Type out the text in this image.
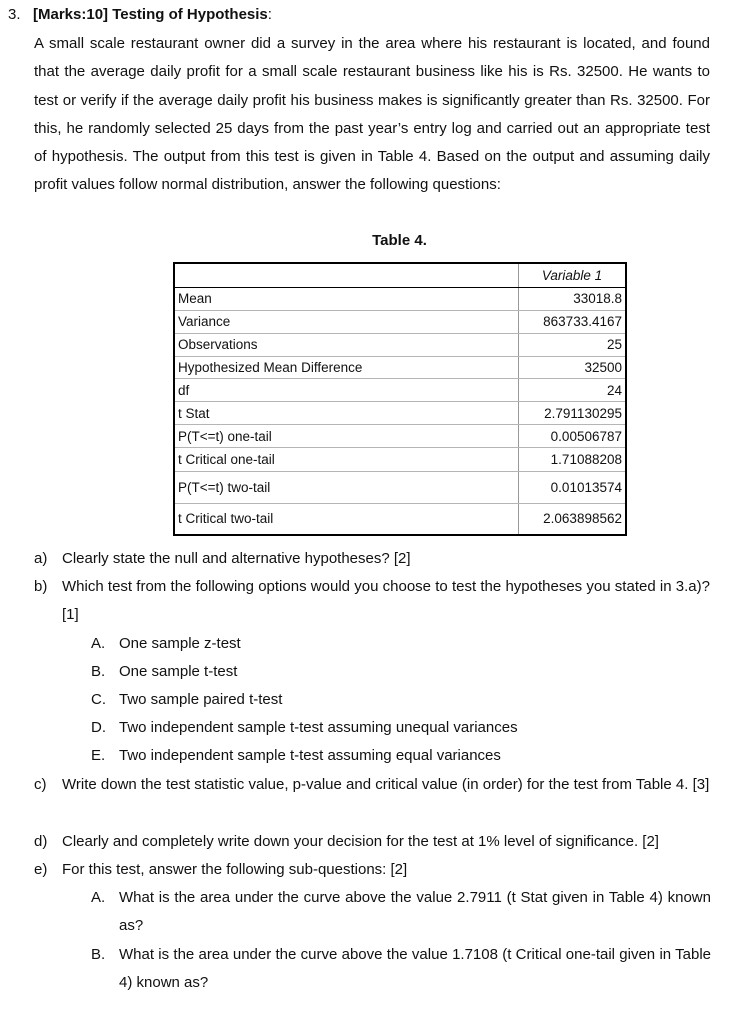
3. [Marks:10] Testing of Hypothesis:
A small scale restaurant owner did a survey in the area where his restaurant is located, and found that the average daily profit for a small scale restaurant business like his is Rs. 32500. He wants to test or verify if the average daily profit his business makes is significantly greater than Rs. 32500. For this, he randomly selected 25 days from the past year’s entry log and carried out an appropriate test of hypothesis. The output from this test is given in Table 4. Based on the output and assuming daily profit values follow normal distribution, answer the following questions:
Table 4.
	Variable 1
Mean	33018.8
Variance	863733.4167
Observations	25
Hypothesized Mean Difference	32500
df	24
t Stat	2.791130295
P(T<=t) one-tail	0.00506787
t Critical one-tail	1.71088208
P(T<=t) two-tail	0.01013574
t Critical two-tail	2.063898562
a) Clearly state the null and alternative hypotheses? [2]
b) Which test from the following options would you choose to test the hypotheses you stated in 3.a)? [1]
A. One sample z-test
B. One sample t-test
C. Two sample paired t-test
D. Two independent sample t-test assuming unequal variances
E. Two independent sample t-test assuming equal variances
c) Write down the test statistic value, p-value and critical value (in order) for the test from Table 4. [3]
d) Clearly and completely write down your decision for the test at 1% level of significance. [2]
e) For this test, answer the following sub-questions: [2]
A. What is the area under the curve above the value 2.7911 (t Stat given in Table 4) known as?
B. What is the area under the curve above the value 1.7108 (t Critical one-tail given in Table 4) known as?
